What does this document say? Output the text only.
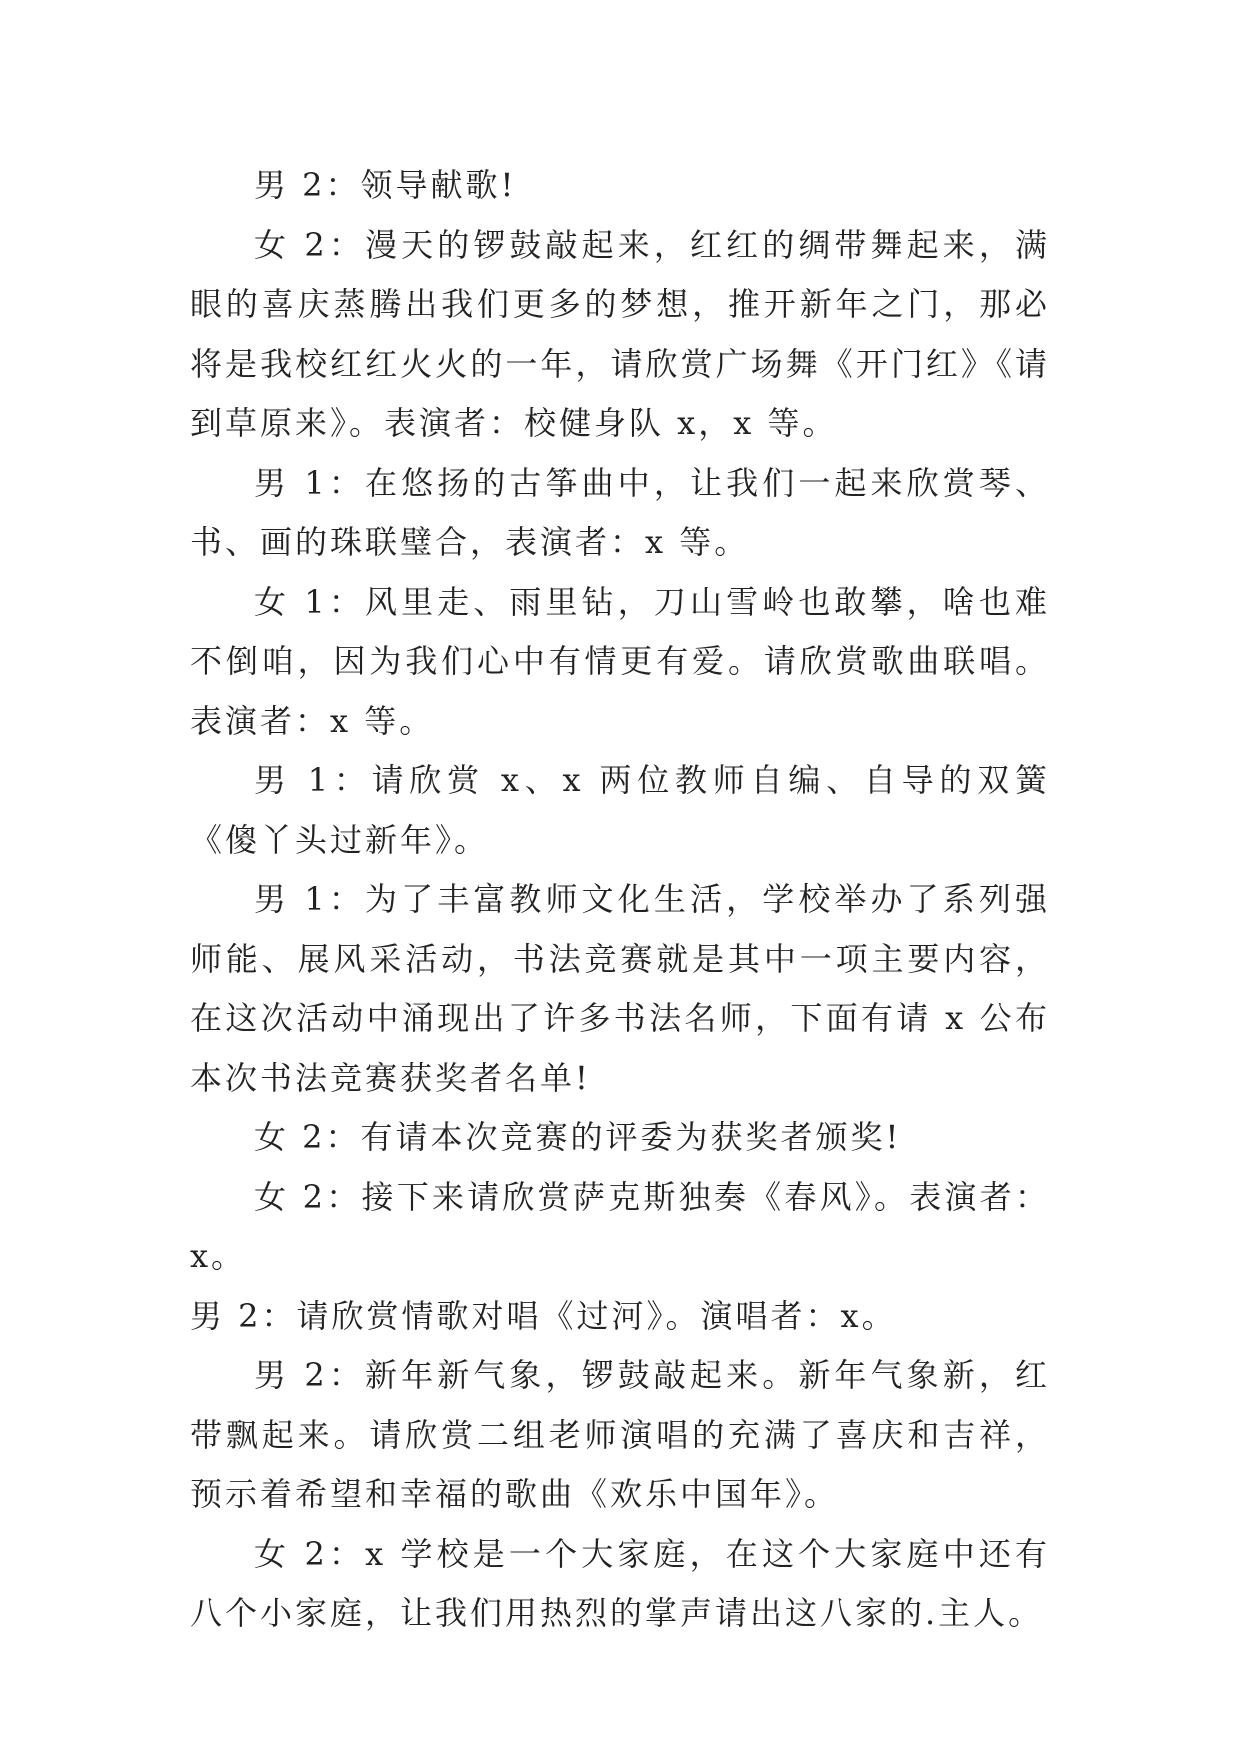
男 2：领导献歌!

女 2：漫天的锣鼓敲起来，红红的绸带舞起来，满眼的喜庆蒸腾出我们更多的梦想，推开新年之门，那必将是我校红红火火的一年，请欣赏广场舞《开门红》《请到草原来》。表演者：校健身队 x，x 等。

男 1：在悠扬的古筝曲中，让我们一起来欣赏琴、书、画的珠联璧合，表演者：x 等。

女 1：风里走、雨里钻，刀山雪岭也敢攀，啥也难不倒咱，因为我们心中有情更有爱。请欣赏歌曲联唱。表演者：x 等。

男 1：请欣赏 x、x 两位教师自编、自导的双簧《傻丫头过新年》。

男 1：为了丰富教师文化生活，学校举办了系列强师能、展风采活动，书法竞赛就是其中一项主要内容，在这次活动中涌现出了许多书法名师，下面有请 x 公布本次书法竞赛获奖者名单!

女 2：有请本次竞赛的评委为获奖者颁奖!

女 2：接下来请欣赏萨克斯独奏《春风》。表演者：x。

男 2：请欣赏情歌对唱《过河》。演唱者：x。

男 2：新年新气象，锣鼓敲起来。新年气象新，红带飘起来。请欣赏二组老师演唱的充满了喜庆和吉祥，预示着希望和幸福的歌曲《欢乐中国年》。

女 2：x 学校是一个大家庭，在这个大家庭中还有八个小家庭，让我们用热烈的掌声请出这八家的.主人。
